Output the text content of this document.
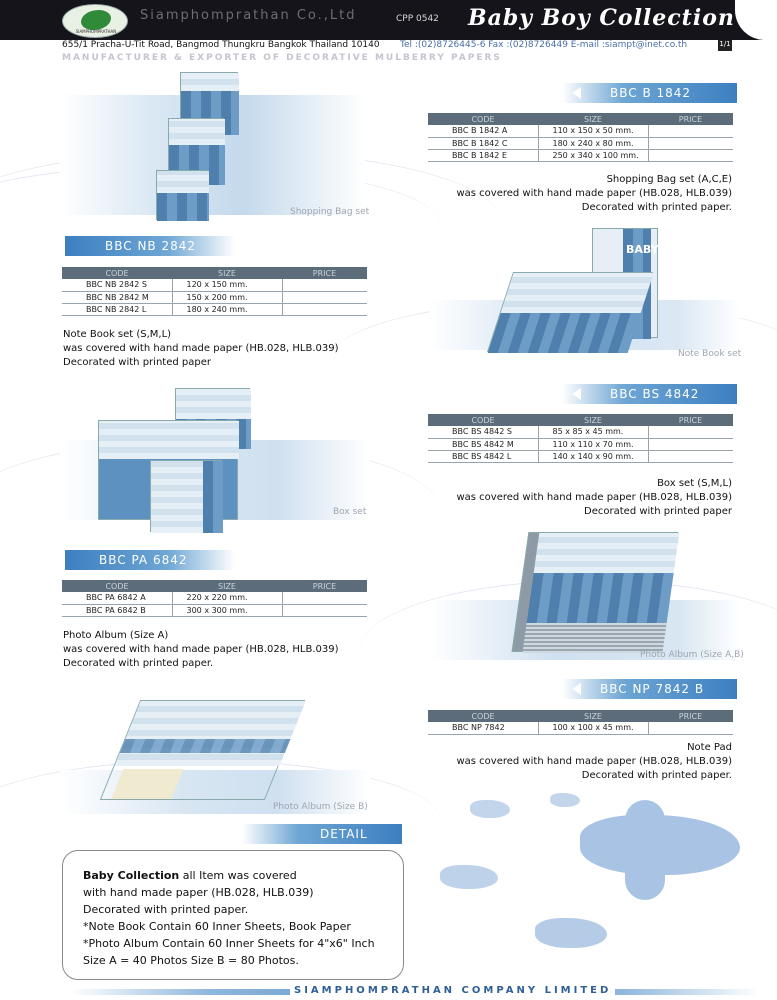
SIAMPHOMPRATHAN
Siamphomprathan Co.,Ltd	CPP 0542 Baby Boy Collection
655/1 Pracha-U-Tit Road, Bangmod Thungkru Bangkok Thailand 10140 Tel :(02)8726445-6 Fax :(02)8726449 E-mail :siampt@inet.co.th	1/1
MANUFACTURER & EXPORTER OF DECORATIVE MULBERRY PAPERS
Shopping Bag set
BBC B 1842
CODE	SIZE	PRICE
BBC B 1842 A	110 x 150 x 50 mm.	
BBC B 1842 C	180 x 240 x 80 mm.	
BBC B 1842 E	250 x 340 x 100 mm.	
Shopping Bag set (A,C,E)
was covered with hand made paper (HB.028, HLB.039)
Decorated with printed paper.
BBC NB 2842
CODE	SIZE	PRICE
BBC NB 2842 S	120 x 150 mm.	
BBC NB 2842 M	150 x 200 mm.	
BBC NB 2842 L	180 x 240 mm.	
Note Book set (S,M,L)
was covered with hand made paper (HB.028, HLB.039)
Decorated with printed paper
BABY
Note Book set
Box set
BBC BS 4842
CODE	SIZE	PRICE
BBC BS 4842 S	85 x 85 x 45 mm.	
BBC BS 4842 M	110 x 110 x 70 mm.	
BBC BS 4842 L	140 x 140 x 90 mm.	
Box set (S,M,L)
was covered with hand made paper (HB.028, HLB.039)
Decorated with printed paper
BBC PA 6842
CODE	SIZE	PRICE
BBC PA 6842 A	220 x 220 mm.	
BBC PA 6842 B	300 x 300 mm.	
Photo Album (Size A)
was covered with hand made paper (HB.028, HLB.039)
Decorated with printed paper.
Photo Album (Size A,B)
BBC NP 7842 B
CODE	SIZE	PRICE
BBC NP 7842	100 x 100 x 45 mm.	
Note Pad
was covered with hand made paper (HB.028, HLB.039)
Decorated with printed paper.
Photo Album (Size B)
DETAIL
Baby Collection all Item was covered
with hand made paper (HB.028, HLB.039)
Decorated with printed paper.
*Note Book Contain 60 Inner Sheets, Book Paper
*Photo Album Contain 60 Inner Sheets for 4"x6" Inch
Size A = 40 Photos Size B = 80 Photos.
SIAMPHOMPRATHAN COMPANY LIMITED
